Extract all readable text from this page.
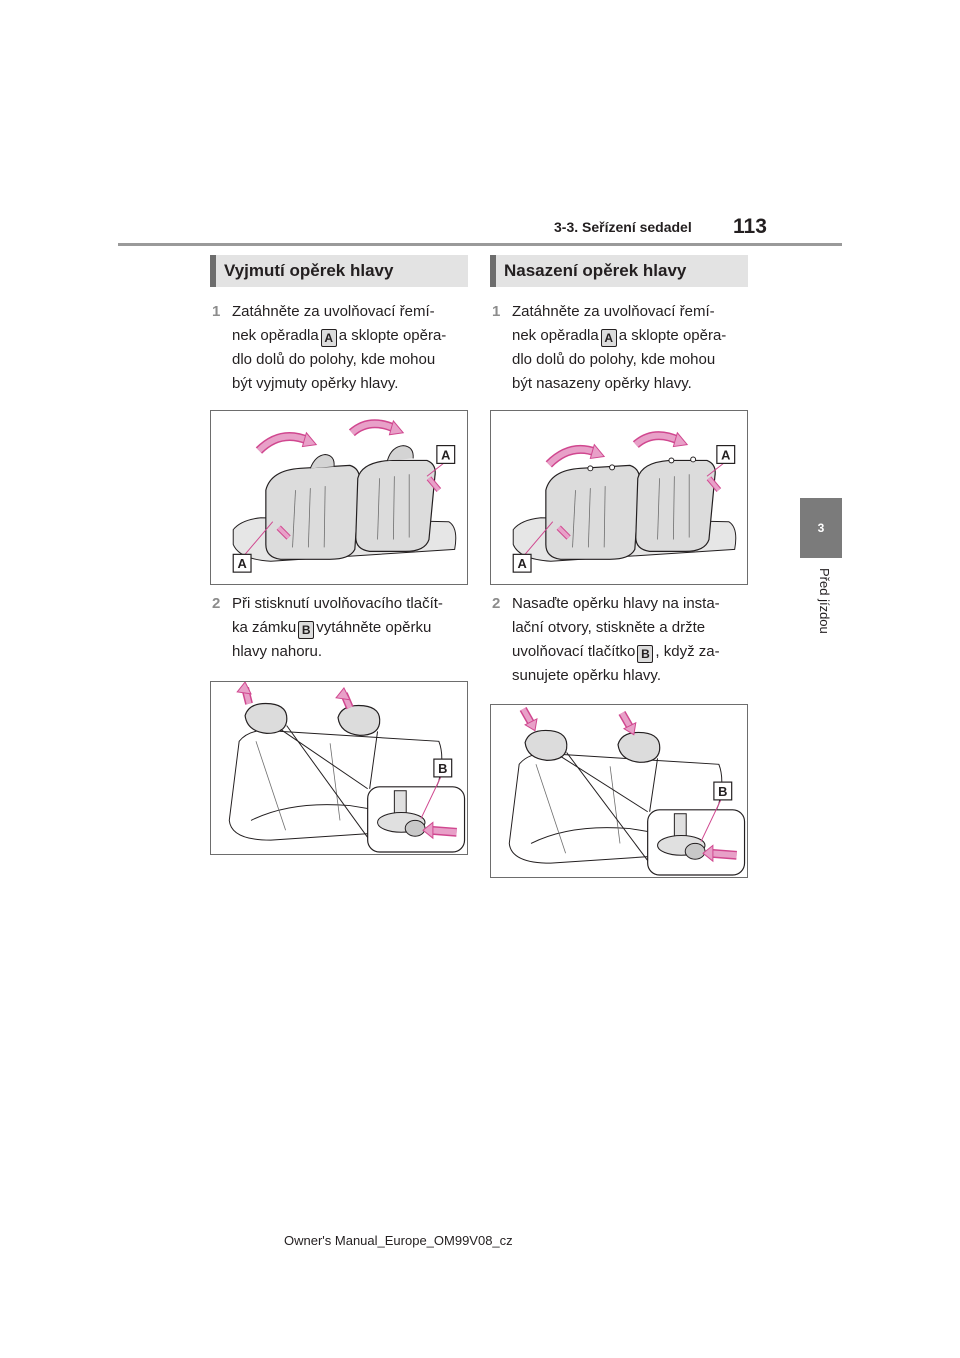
3-3. Seřízení sedadel 113
3
Před jízdou
Vyjmutí opěrek hlavy
1 Zatáhněte za uvolňovací řemí-
nek opěradla A a sklopte opěra-
dlo dolů do polohy, kde mohou
být vyjmuty opěrky hlavy.
A
A
2 Při stisknutí uvolňovacího tlačít-
ka zámku B vytáhněte opěrku
hlavy nahoru.
B
Nasazení opěrek hlavy
1 Zatáhněte za uvolňovací řemí-
nek opěradla A a sklopte opěra-
dlo dolů do polohy, kde mohou
být nasazeny opěrky hlavy.
A
A
2 Nasaďte opěrku hlavy na insta-
lační otvory, stiskněte a držte
uvolňovací tlačítko B , když za-
sunujete opěrku hlavy.
B
Owner's Manual_Europe_OM99V08_cz
